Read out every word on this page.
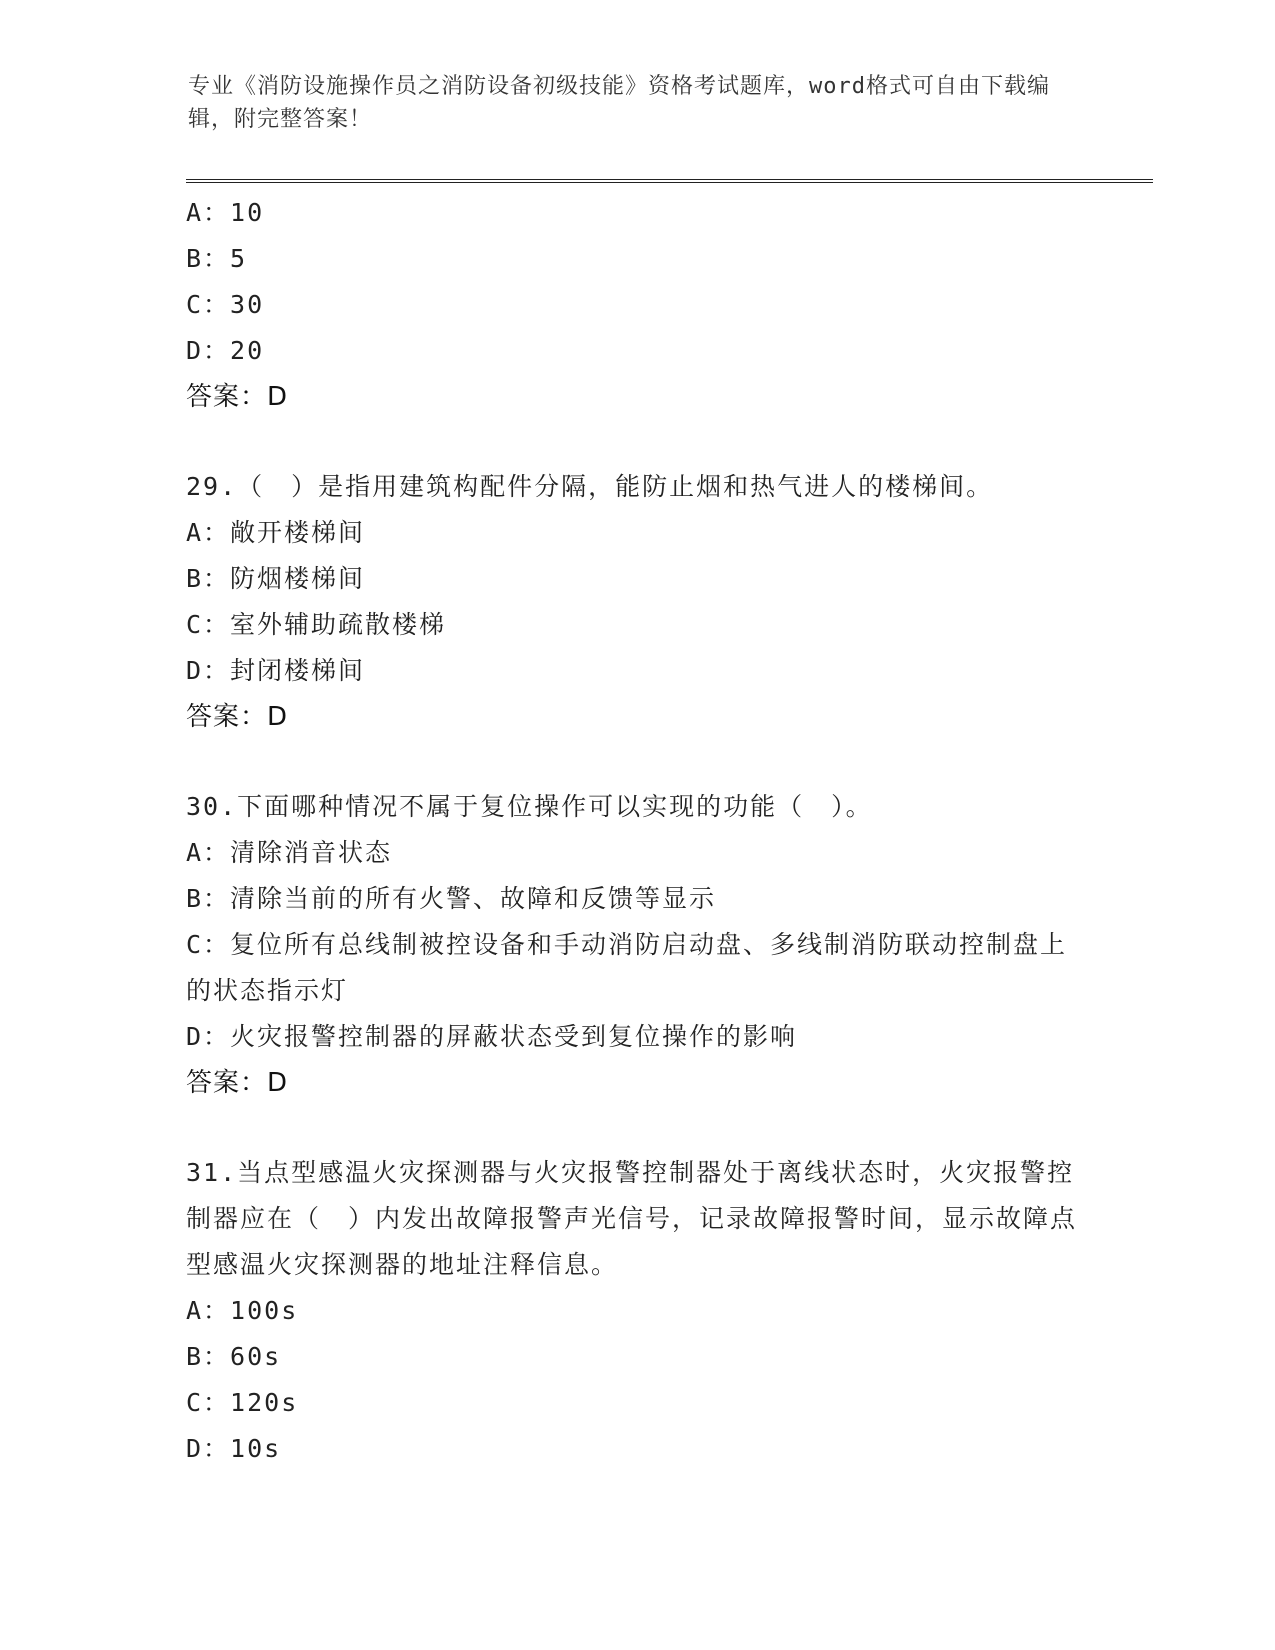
专业《消防设施操作员之消防设备初级技能》资格考试题库，word格式可自由下载编辑，附完整答案！
A：10
B：5
C：30
D：20
答案：D
29.（　）是指用建筑构配件分隔，能防止烟和热气进人的楼梯间。
A：敞开楼梯间
B：防烟楼梯间
C：室外辅助疏散楼梯
D：封闭楼梯间
答案：D
30.下面哪种情况不属于复位操作可以实现的功能（　）。
A：清除消音状态
B：清除当前的所有火警、故障和反馈等显示
C：复位所有总线制被控设备和手动消防启动盘、多线制消防联动控制盘上的状态指示灯
D：火灾报警控制器的屏蔽状态受到复位操作的影响
答案：D
31.当点型感温火灾探测器与火灾报警控制器处于离线状态时，火灾报警控制器应在（　）内发出故障报警声光信号，记录故障报警时间，显示故障点型感温火灾探测器的地址注释信息。
A：100s
B：60s
C：120s
D：10s
